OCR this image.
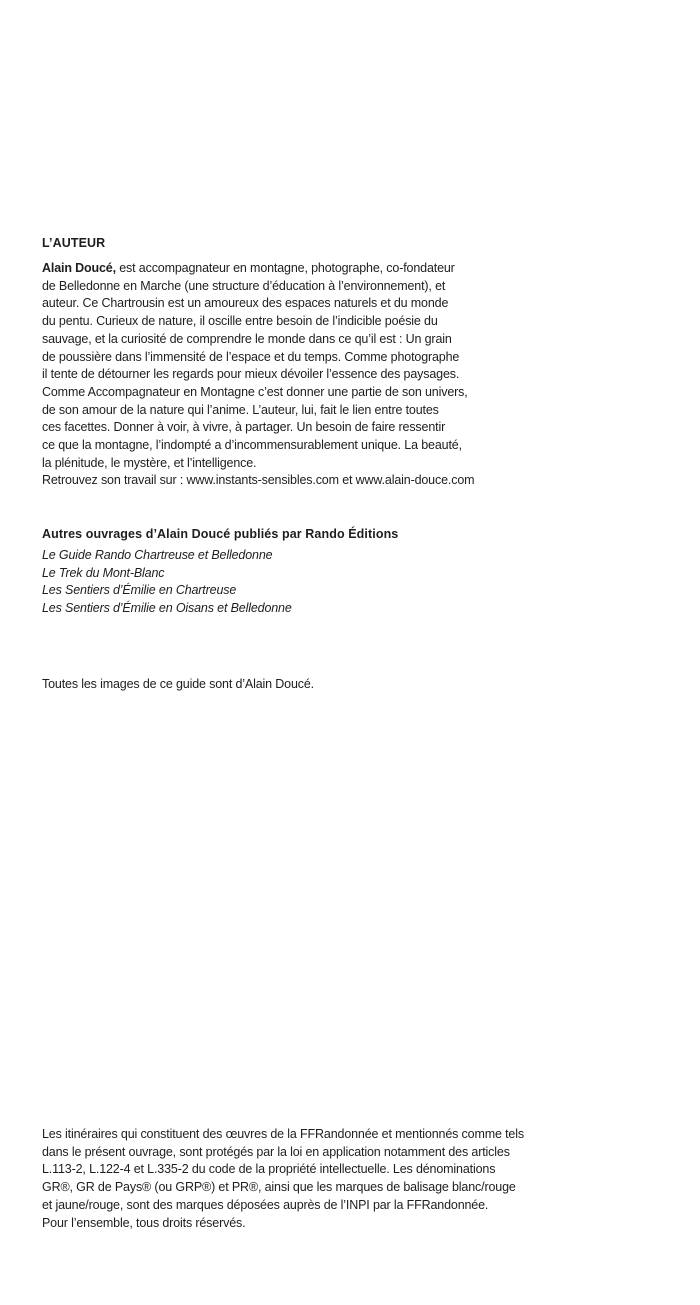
L’AUTEUR
Alain Doucé, est accompagnateur en montagne, photographe, co-fondateur
de Belledonne en Marche (une structure d’éducation à l’environnement), et
auteur. Ce Chartrousin est un amoureux des espaces naturels et du monde
du pentu. Curieux de nature, il oscille entre besoin de l’indicible poésie du
sauvage, et la curiosité de comprendre le monde dans ce qu’il est : Un grain
de poussière dans l’immensité de l’espace et du temps. Comme photographe
il tente de détourner les regards pour mieux dévoiler l’essence des paysages.
Comme Accompagnateur en Montagne c’est donner une partie de son univers,
de son amour de la nature qui l’anime. L’auteur, lui, fait le lien entre toutes
ces facettes. Donner à voir, à vivre, à partager. Un besoin de faire ressentir
ce que la montagne, l’indompté a d’incommensurablement unique. La beauté,
la plénitude, le mystère, et l’intelligence.
Retrouvez son travail sur : www.instants-sensibles.com et www.alain-douce.com
Autres ouvrages d’Alain Doucé publiés par Rando Éditions
Le Guide Rando Chartreuse et Belledonne
Le Trek du Mont-Blanc
Les Sentiers d’Émilie en Chartreuse
Les Sentiers d’Émilie en Oisans et Belledonne
Toutes les images de ce guide sont d’Alain Doucé.
Les itinéraires qui constituent des œuvres de la FFRandonnée et mentionnés comme tels
dans le présent ouvrage, sont protégés par la loi en application notamment des articles
L.113-2, L.122-4 et L.335-2 du code de la propriété intellectuelle. Les dénominations
GR®, GR de Pays® (ou GRP®) et PR®, ainsi que les marques de balisage blanc/rouge
et jaune/rouge, sont des marques déposées auprès de l’INPI par la FFRandonnée.
Pour l’ensemble, tous droits réservés.
